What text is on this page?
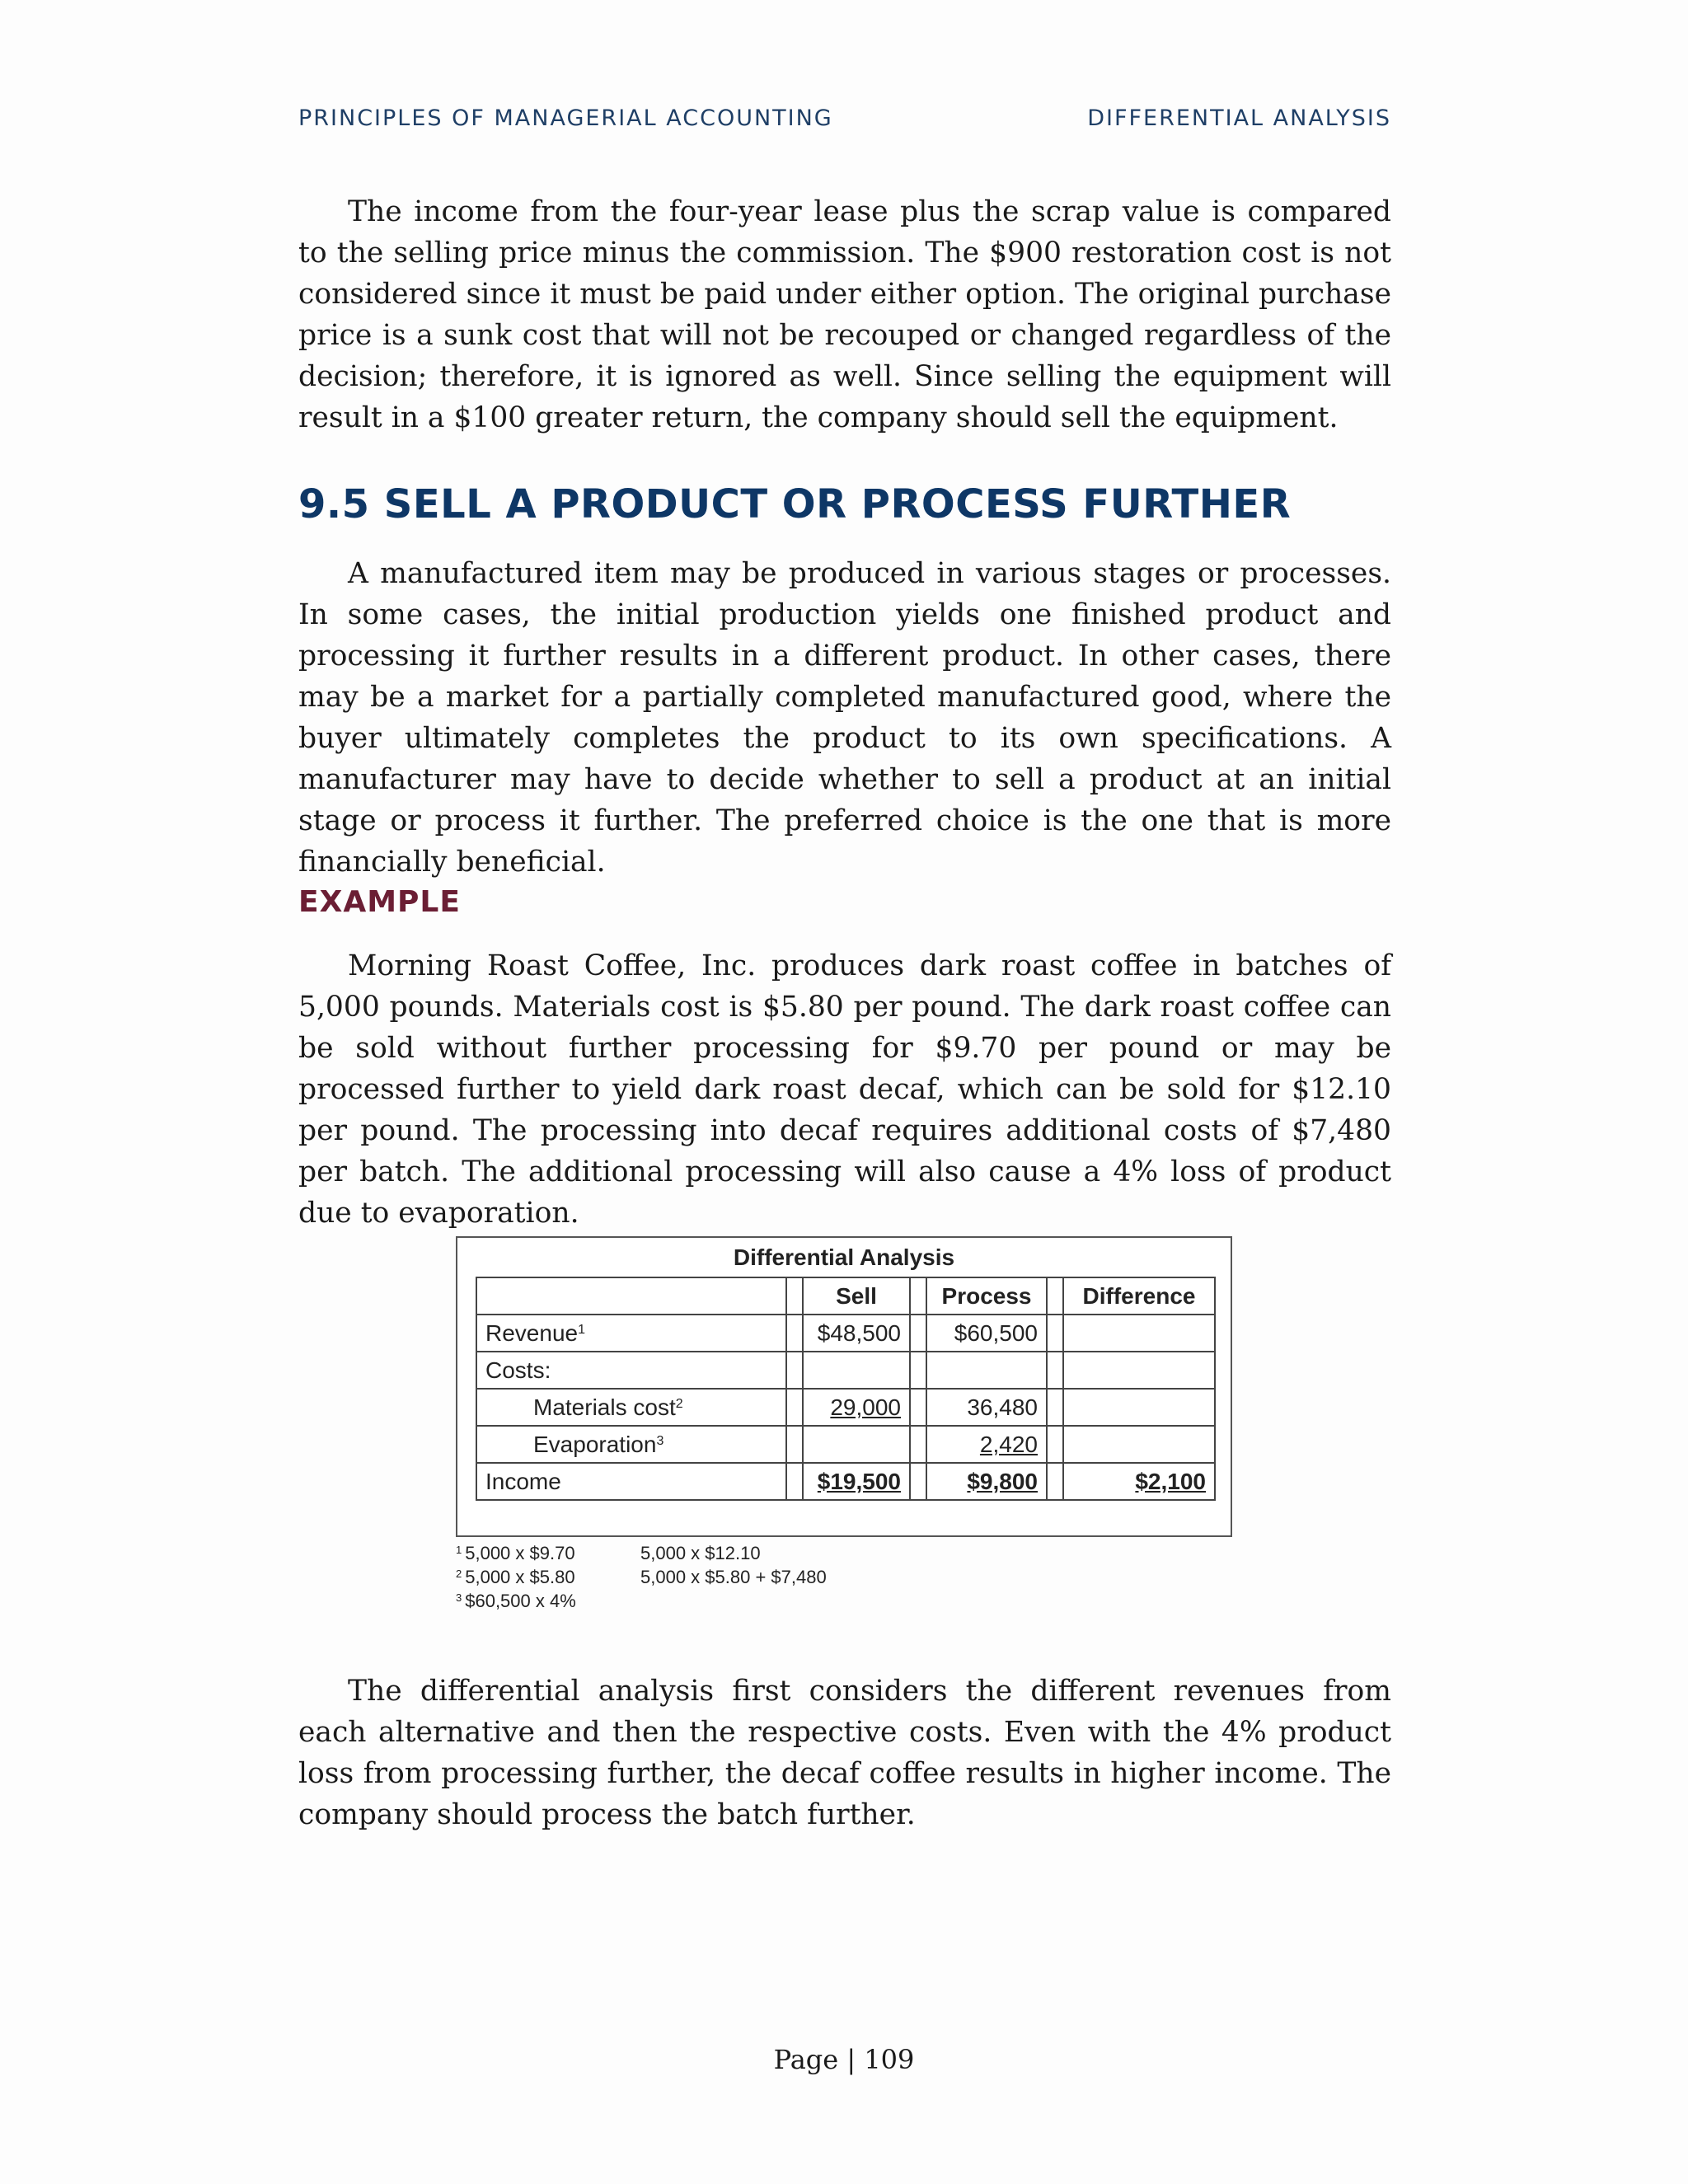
PRINCIPLES OF MANAGERIAL ACCOUNTING	DIFFERENTIAL ANALYSIS

The income from the four-year lease plus the scrap value is compared to the selling price minus the commission. The $900 restoration cost is not considered since it must be paid under either option. The original purchase price is a sunk cost that will not be recouped or changed regardless of the decision; therefore, it is ignored as well. Since selling the equipment will result in a $100 greater return, the company should sell the equipment.

9.5 SELL A PRODUCT OR PROCESS FURTHER

A manufactured item may be produced in various stages or processes. In some cases, the initial production yields one finished product and processing it further results in a different product. In other cases, there may be a market for a partially completed manufactured good, where the buyer ultimately completes the product to its own specifications. A manufacturer may have to decide whether to sell a product at an initial stage or process it further. The preferred choice is the one that is more financially beneficial.

EXAMPLE

Morning Roast Coffee, Inc. produces dark roast coffee in batches of 5,000 pounds. Materials cost is $5.80 per pound. The dark roast coffee can be sold without further processing for $9.70 per pound or may be processed further to yield dark roast decaf, which can be sold for $12.10 per pound. The processing into decaf requires additional costs of $7,480 per batch. The additional processing will also cause a 4% loss of product due to evaporation.

Differential Analysis
		Sell		Process		Difference
Revenue$^1$		$48,500		$60,500		
Costs:						
Materials cost$^2$		29,000		36,480		
Evaporation$^3$				2,420		
Income		$19,500		$9,800		$2,100
$^1$ 5,000 x $9.70	5,000 x $12.10
$^2$ 5,000 x $5.80	5,000 x $5.80 + $7,480
$^3$ $60,500 x 4%

The differential analysis first considers the different revenues from each alternative and then the respective costs. Even with the 4% product loss from processing further, the decaf coffee results in higher income. The company should process the batch further.

Page | 109
